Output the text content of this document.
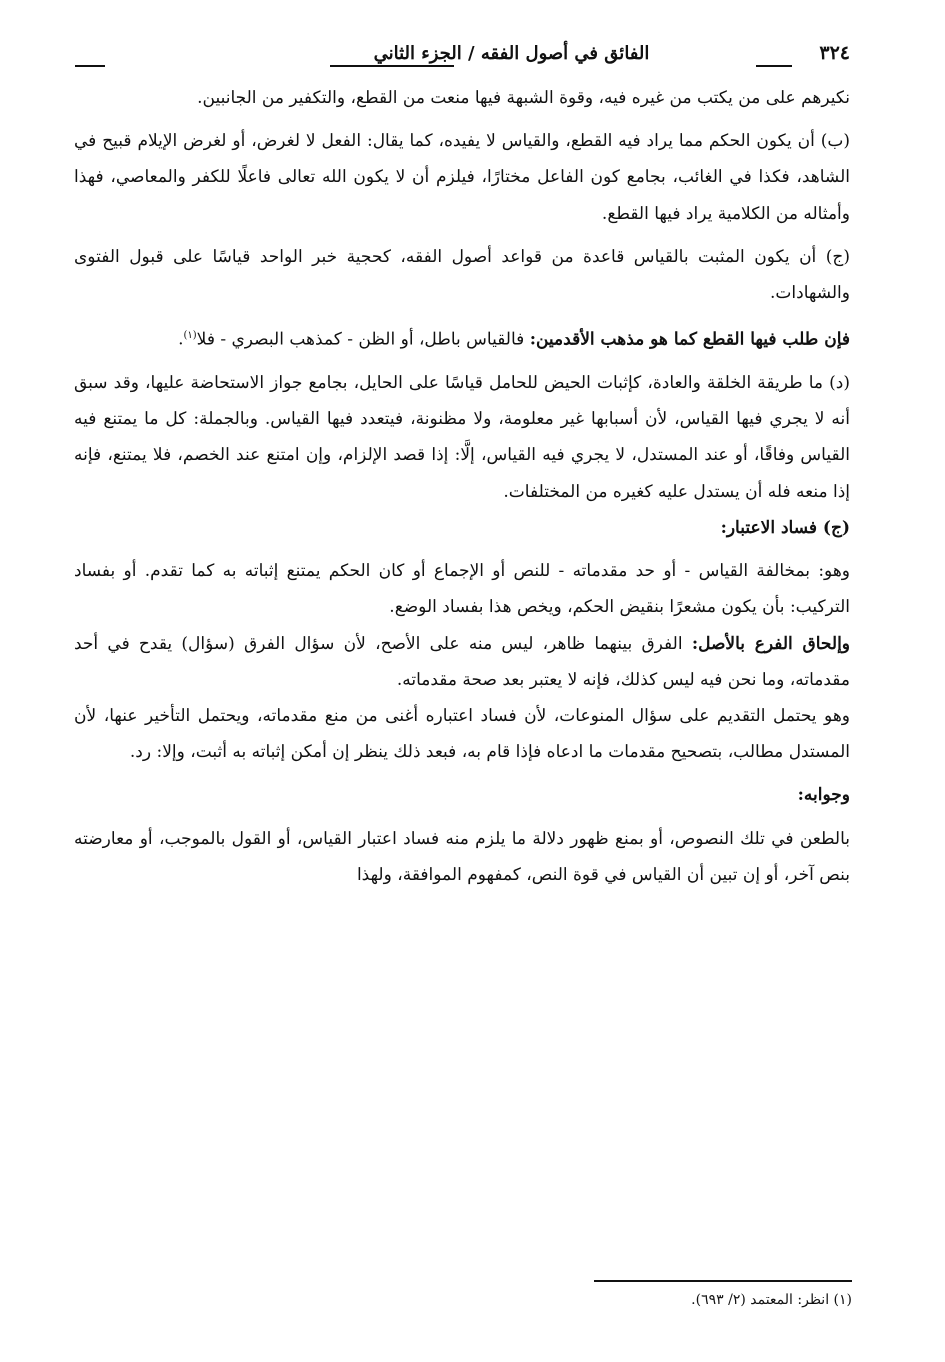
٣٢٤
الفائق في أصول الفقه / الجزء الثاني

نكيرهم على من يكتب من غيره فيه، وقوة الشبهة فيها منعت من القطع، والتكفير من الجانبين.

(ب) أن يكون الحكم مما يراد فيه القطع، والقياس لا يفيده، كما يقال: الفعل لا لغرض، أو لغرض الإيلام قبيح في الشاهد، فكذا في الغائب، بجامع كون الفاعل مختارًا، فيلزم أن لا يكون الله تعالى فاعلًا للكفر والمعاصي، فهذا وأمثاله من الكلامية يراد فيها القطع.

(ج) أن يكون المثبت بالقياس قاعدة من قواعد أصول الفقه، كحجية خبر الواحد قياسًا على قبول الفتوى والشهادات.

فإن طلب فيها القطع كما هو مذهب الأقدمين: فالقياس باطل، أو الظن - كمذهب البصري - فلا$^{(١)}$.

(د) ما طريقة الخلقة والعادة، كإثبات الحيض للحامل قياسًا على الحايل، بجامع جواز الاستحاضة عليها، وقد سبق أنه لا يجري فيها القياس، لأن أسبابها غير معلومة، ولا مظنونة، فيتعدد فيها القياس. وبالجملة: كل ما يمتنع فيه القياس وفاقًا، أو عند المستدل، لا يجري فيه القياس، إلَّا: إذا قصد الإلزام، وإن امتنع عند الخصم، فلا يمتنع، فإنه إذا منعه فله أن يستدل عليه كغيره من المختلفات.

(ج) فساد الاعتبار:

وهو: بمخالفة القياس - أو حد مقدماته - للنص أو الإجماع أو كان الحكم يمتنع إثباته به كما تقدم. أو بفساد التركيب: بأن يكون مشعرًا بنقيض الحكم، ويخص هذا بفساد الوضع.

وإلحاق الفرع بالأصل: الفرق بينهما ظاهر، ليس منه على الأصح، لأن سؤال الفرق (سؤال) يقدح في أحد مقدماته، وما نحن فيه ليس كذلك، فإنه لا يعتبر بعد صحة مقدماته.

وهو يحتمل التقديم على سؤال المنوعات، لأن فساد اعتباره أغنى من منع مقدماته، ويحتمل التأخير عنها، لأن المستدل مطالب، بتصحيح مقدمات ما ادعاه فإذا قام به، فبعد ذلك ينظر إن أمكن إثباته به أثبت، وإلا: رد.

وجوابه:

بالطعن في تلك النصوص، أو بمنع ظهور دلالة ما يلزم منه فساد اعتبار القياس، أو القول بالموجب، أو معارضته بنص آخر، أو إن تبين أن القياس في قوة النص، كمفهوم الموافقة، ولهذا

(١) انظر: المعتمد (٢/ ٦٩٣).
